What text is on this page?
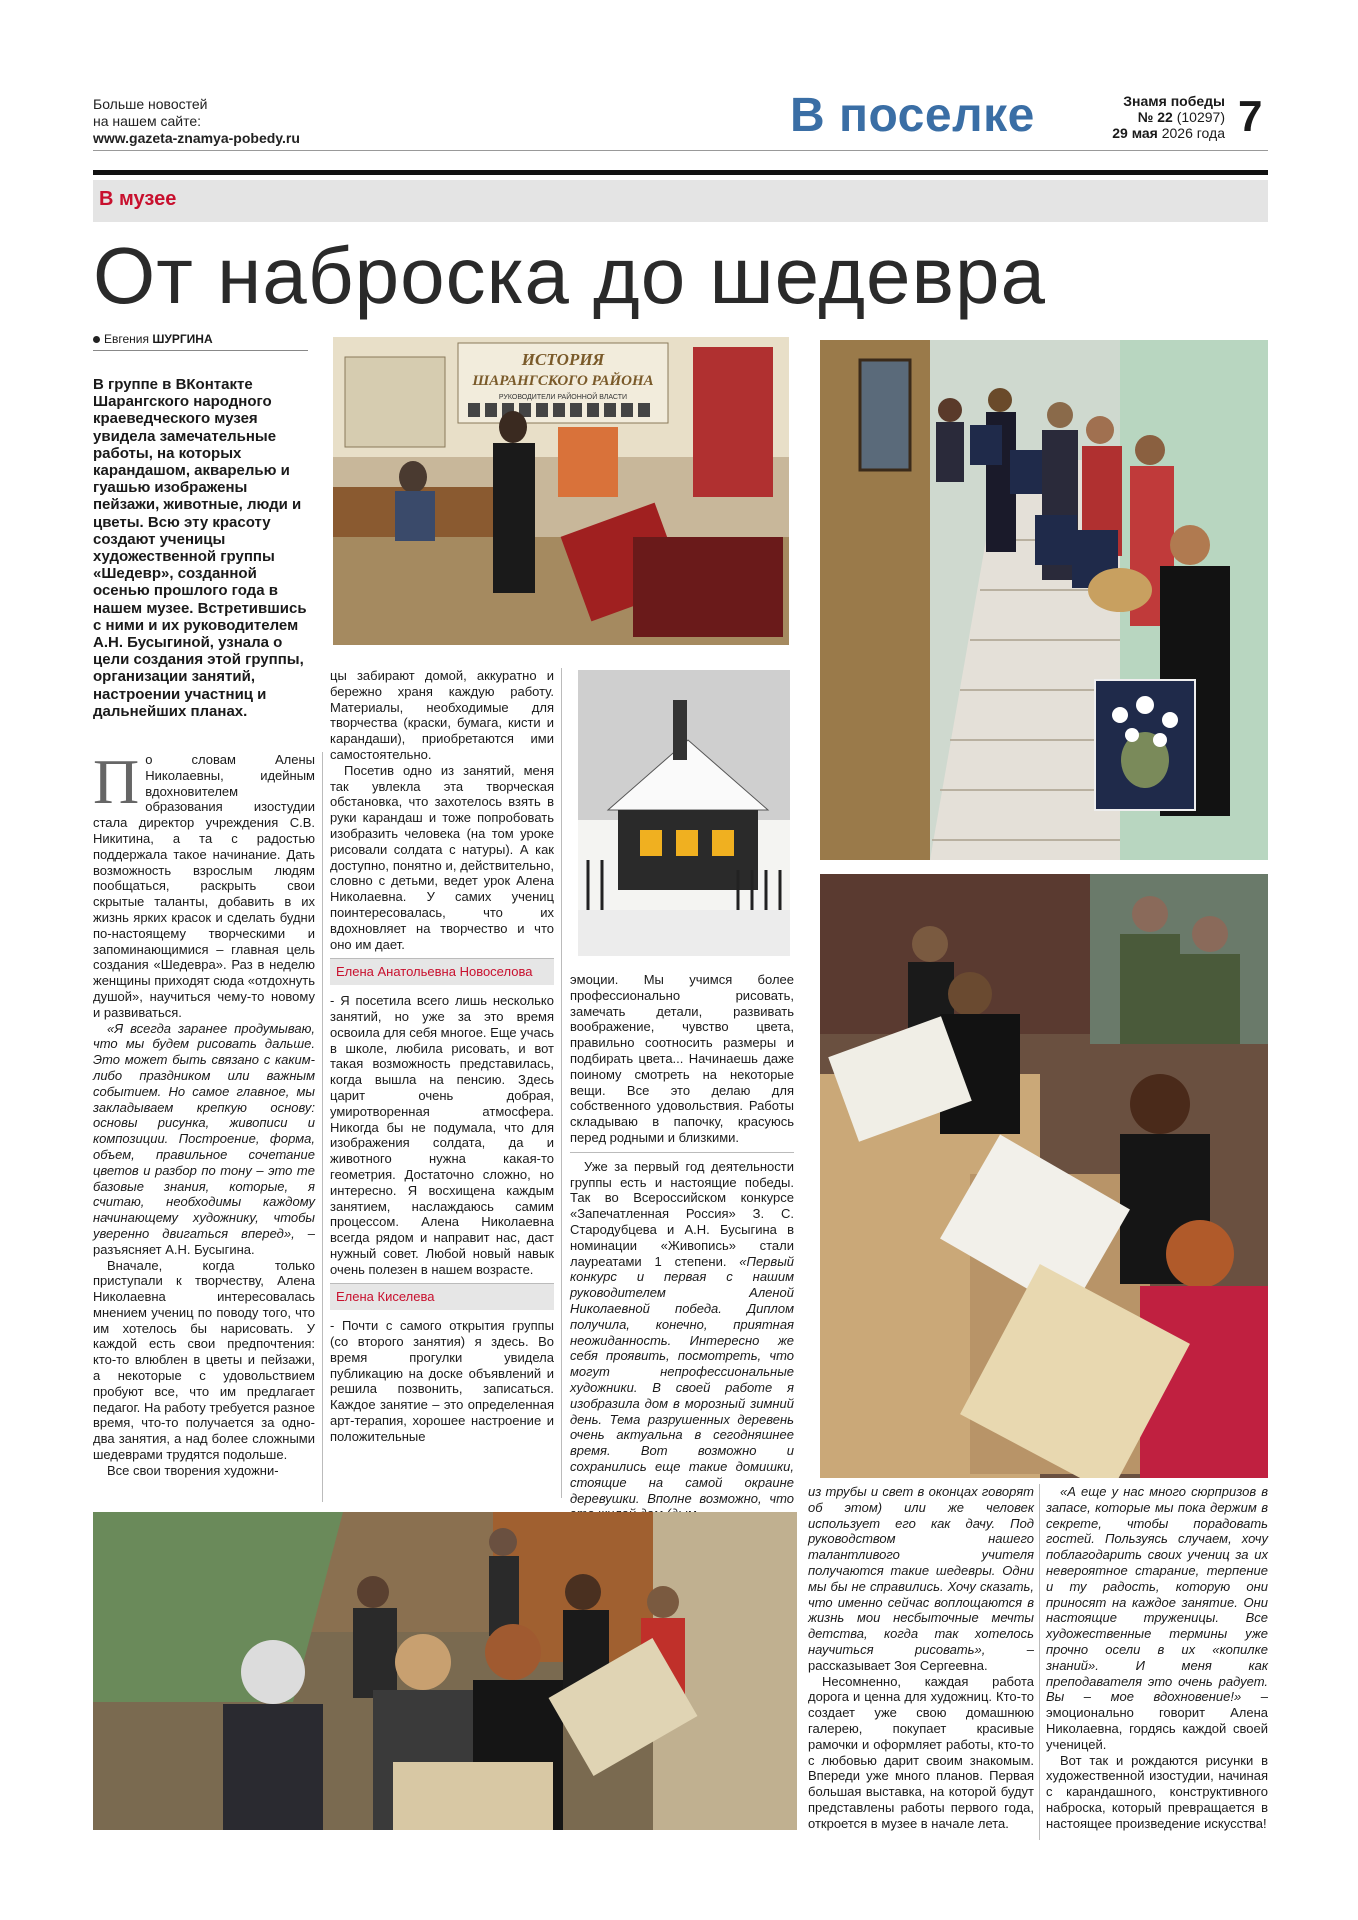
Больше новостей
на нашем сайте:
www.gazeta-znamya-pobedy.ru	В поселке	Знамя победы
№ 22 (10297)
29 мая 2026 года 7
В музее
От наброска до шедевра
Евгения ШУРГИНА
В группе в ВКонтакте Шарангского народного краеведческого музея увидела замечательные работы, на которых карандашом, акварелью и гуашью изображены пейзажи, животные, люди и цветы. Всю эту красоту создают ученицы художественной группы «Шедевр», созданной осенью прошлого года в нашем музее. Встретившись с ними и их руководителем А.Н. Бусыгиной, узнала о цели создания этой группы, организации занятий, настроении участниц и дальнейших планах.

По словам Алены Николаевны, идейным вдохновителем образования изостудии стала директор учреждения С.В. Никитина, а та с радостью поддержала такое начинание. Дать возможность взрослым людям пообщаться, раскрыть свои скрытые таланты, добавить в их жизнь ярких красок и сделать будни по-настоящему творческими и запоминающимися – главная цель создания «Шедевра». Раз в неделю женщины приходят сюда «отдохнуть душой», научиться чему-то новому и развиваться.

«Я всегда заранее продумываю, что мы будем рисовать дальше. Это может быть связано с каким-либо праздником или важным событием. Но самое главное, мы закладываем крепкую основу: основы рисунка, живописи и композиции. Построение, форма, объем, правильное сочетание цветов и разбор по тону – это те базовые знания, которые, я считаю, необходимы каждому начинающему художнику, чтобы уверенно двигаться вперед», – разъясняет А.Н. Бусыгина.

Вначале, когда только приступали к творчеству, Алена Николаевна интересовалась мнением учениц по поводу того, что им хотелось бы нарисовать. У каждой есть свои предпочтения: кто-то влюблен в цветы и пейзажи, а некоторые с удовольствием пробуют все, что им предлагает педагог. На работу требуется разное время, что-то получается за одно-два занятия, а над более сложными шедеврами трудятся подольше.

Все свои творения художни-

цы забирают домой, аккуратно и бережно храня каждую работу. Материалы, необходимые для творчества (краски, бумага, кисти и карандаши), приобретаются ими самостоятельно.

Посетив одно из занятий, меня так увлекла эта творческая обстановка, что захотелось взять в руки карандаш и тоже попробовать изобразить человека (на том уроке рисовали солдата с натуры). А как доступно, понятно и, действительно, словно с детьми, ведет урок Алена Николаевна. У самих учениц поинтересовалась, что их вдохновляет на творчество и что оно им дает.

Елена Анатольевна Новоселова

- Я посетила всего лишь несколько занятий, но уже за это время освоила для себя многое. Еще учась в школе, любила рисовать, и вот такая возможность представилась, когда вышла на пенсию. Здесь царит очень добрая, умиротворенная атмосфера. Никогда бы не подумала, что для изображения солдата, да и животного нужна какая-то геометрия. Достаточно сложно, но интересно. Я восхищена каждым занятием, наслаждаюсь самим процессом. Алена Николаевна всегда рядом и направит нас, даст нужный совет. Любой новый навык очень полезен в нашем возрасте.

Елена Киселева

- Почти с самого открытия группы (со второго занятия) я здесь. Во время прогулки увидела публикацию на доске объявлений и решила позвонить, записаться. Каждое занятие – это определенная арт-терапия, хорошее настроение и положительные

эмоции. Мы учимся более профессионально рисовать, замечать детали, развивать воображение, чувство цвета, правильно соотносить размеры и подбирать цвета... Начинаешь даже поиному смотреть на некоторые вещи. Все это делаю для собственного удовольствия. Работы складываю в папочку, красуюсь перед родными и близкими.

Уже за первый год деятельности группы есть и настоящие победы. Так во Всероссийском конкурсе «Запечатленная Россия» З. С. Стародубцева и А.Н. Бусыгина в номинации «Живопись» стали лауреатами 1 степени. «Первый конкурс и первая с нашим руководителем Аленой Николаевной победа. Диплом получила, конечно, приятная неожиданность. Интересно же себя проявить, посмотреть, что могут непрофессиональные художники. В своей работе я изобразила дом в морозный зимний день. Тема разрушенных деревень очень актуальна в сегодняшнее время. Вот возможно и сохранились еще такие домишки, стоящие на самой окраине деревушки. Вполне возможно, что из трубы и свет в оконцах говорят об этом) или же человек использует его как дачу. Под руководством нашего талантливого учителя получаются такие шедевры. Одни мы бы не справились. Хочу сказать, что именно сейчас воплощаются в жизнь мои несбыточные мечты детства, когда так хотелось научиться рисовать», – рассказывает Зоя Сергеевна.

Несомненно, каждая работа дорога и ценна для художниц. Кто-то создает уже свою домашнюю галерею, покупает красивые рамочки и оформляет работы, кто-то с любовью дарит своим знакомым. Впереди уже много планов. Первая большая выставка, на которой будут представлены работы первого года, откроется в музее в начале лета.

«А еще у нас много сюрпризов в запасе, которые мы пока держим в секрете, чтобы порадовать гостей. Пользуясь случаем, хочу поблагодарить своих учениц за их невероятное старание, терпение и ту радость, которую они приносят на каждое занятие. Они настоящие труженицы. Все художественные термины уже прочно осели в их «копилке знаний». И меня как преподавателя это очень радует. Вы – мое вдохновение!» – эмоционально говорит Алена Николаевна, гордясь каждой своей ученицей.

Вот так и рождаются рисунки в художественной изостудии, начиная с карандашного, конструктивного наброска, который превращается в настоящее произведение искусства!

ИСТОРИЯ
ШАРАНГСКОГО РАЙОНА
РУКОВОДИТЕЛИ РАЙОННОЙ ВЛАСТИ
